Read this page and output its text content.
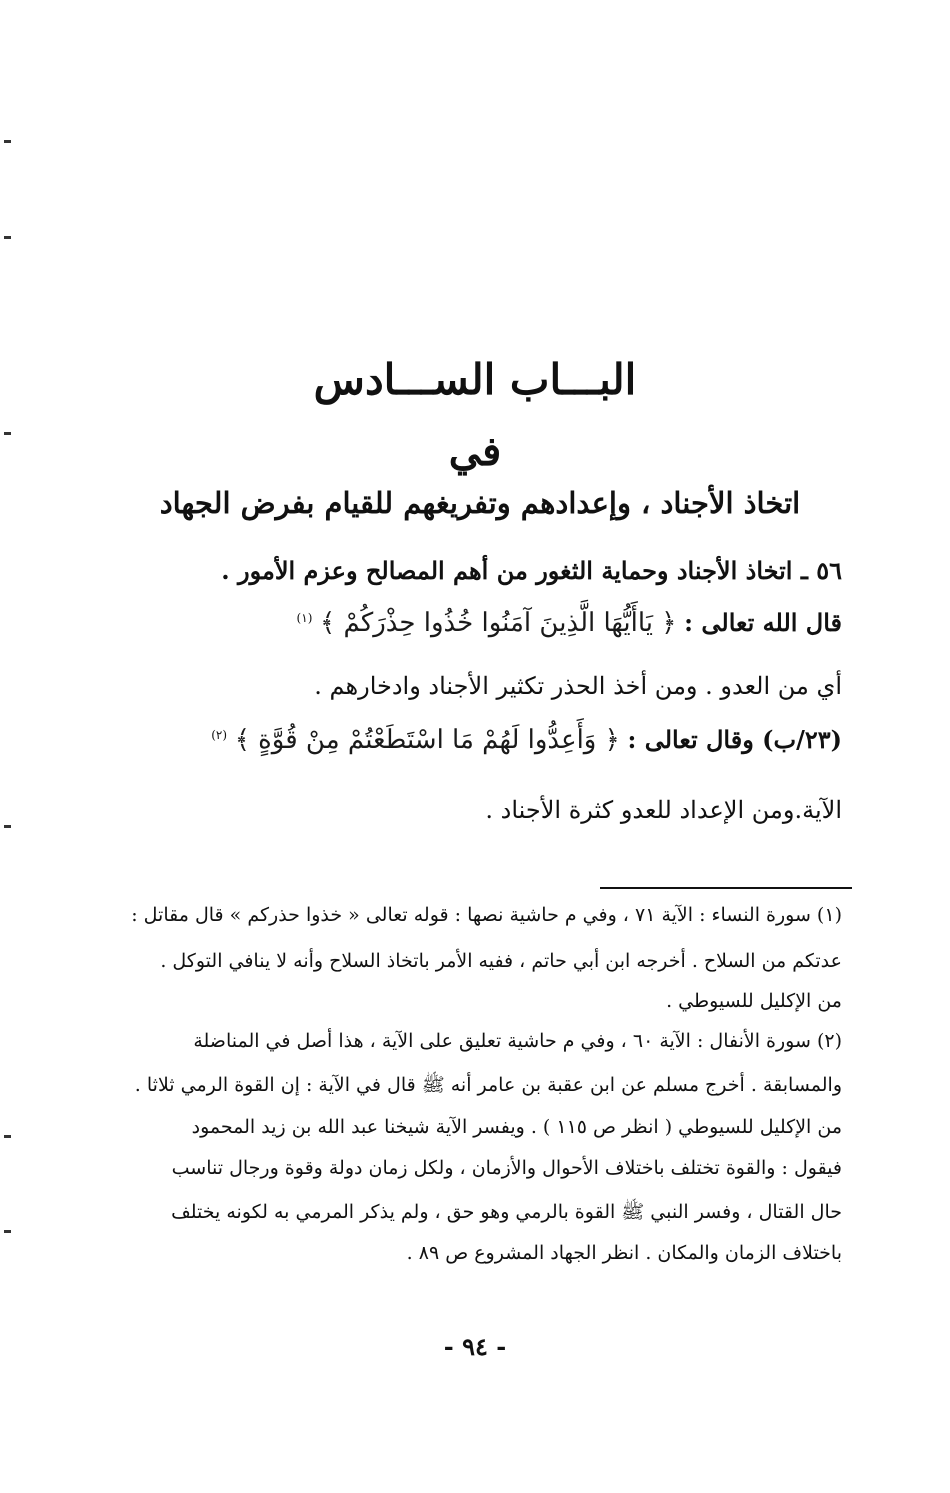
البـــاب الســـادس
في
اتخاذ الأجناد ، وإعدادهم وتفريغهم للقيام بفرض الجهاد
٥٦ ـ اتخاذ الأجناد وحماية الثغور من أهم المصالح وعزم الأمور .
قال الله تعالى : ﴿ يَاأَيُّهَا الَّذِينَ آمَنُوا خُذُوا حِذْرَكُمْ ﴾ $^{(١)}$
أي من العدو . ومن أخذ الحذر تكثير الأجناد وادخارهم .
(٢٣/ب) وقال تعالى : ﴿ وَأَعِدُّوا لَهُمْ مَا اسْتَطَعْتُمْ مِنْ قُوَّةٍ ﴾ $^{(٢)}$
الآية.ومن الإعداد للعدو كثرة الأجناد .
(١) سورة النساء : الآية ٧١ ، وفي م حاشية نصها : قوله تعالى « خذوا حذركم » قال مقاتل :
عدتكم من السلاح . أخرجه ابن أبي حاتم ، ففيه الأمر باتخاذ السلاح وأنه لا ينافي التوكل .
من الإكليل للسيوطي .
(٢) سورة الأنفال : الآية ٦٠ ، وفي م حاشية تعليق على الآية ، هذا أصل في المناضلة
والمسابقة . أخرج مسلم عن ابن عقبة بن عامر أنه ﷺ قال في الآية : إن القوة الرمي ثلاثا .
من الإكليل للسيوطي ( انظر ص ١١٥ ) . ويفسر الآية شيخنا عبد الله بن زيد المحمود
فيقول : والقوة تختلف باختلاف الأحوال والأزمان ، ولكل زمان دولة وقوة ورجال تناسب
حال القتال ، وفسر النبي ﷺ القوة بالرمي وهو حق ، ولم يذكر المرمي به لكونه يختلف
باختلاف الزمان والمكان . انظر الجهاد المشروع ص ٨٩ .
- ٩٤ -
